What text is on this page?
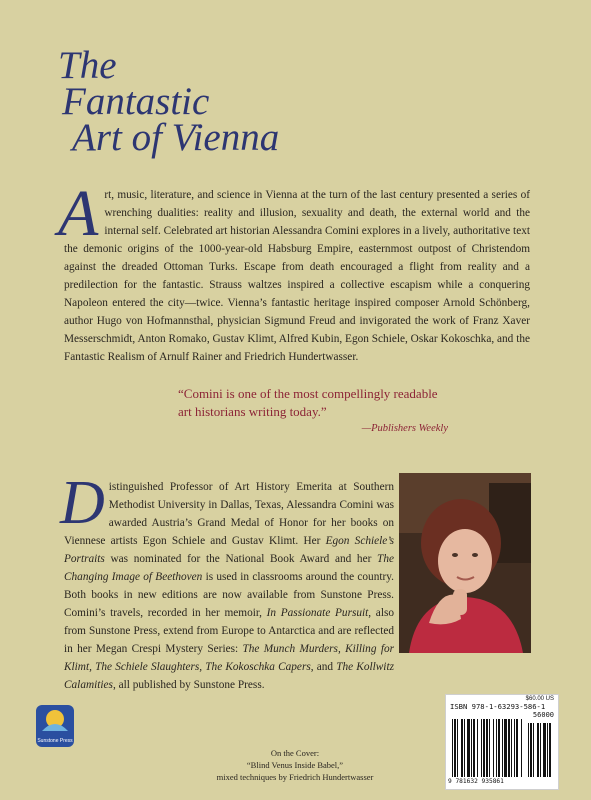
The
Fantastic
Art of Vienna

Art, music, literature, and science in Vienna at the turn of the last century presented a series of wrenching dualities: reality and illusion, sexuality and death, the external world and the internal self. Celebrated art historian Alessandra Comini explores in a lively, authoritative text the demonic origins of the 1000-year-old Habsburg Empire, easternmost outpost of Christendom against the dreaded Ottoman Turks. Escape from death encouraged a flight from reality and a predilection for the fantastic. Strauss waltzes inspired a collective escapism while a conquering Napoleon entered the city—twice. Vienna’s fantastic heritage inspired composer Arnold Schönberg, author Hugo von Hofmannsthal, physician Sigmund Freud and invigorated the work of Franz Xaver Messerschmidt, Anton Romako, Gustav Klimt, Alfred Kubin, Egon Schiele, Oskar Kokoschka, and the Fantastic Realism of Arnulf Rainer and Friedrich Hundertwasser.

“Comini is one of the most compellingly readable art historians writing today.”

—Publishers Weekly

Distinguished Professor of Art History Emerita at Southern Methodist University in Dallas, Texas, Alessandra Comini was awarded Austria’s Grand Medal of Honor for her books on Viennese artists Egon Schiele and Gustav Klimt. Her Egon Schiele’s Portraits was nominated for the National Book Award and her The Changing Image of Beethoven is used in classrooms around the country. Both books in new editions are now available from Sunstone Press. Comini’s travels, recorded in her memoir, In Passionate Pursuit, also from Sunstone Press, extend from Europe to Antarctica and are reflected in her Megan Crespi Mystery Series: The Munch Murders, Killing for Klimt, The Schiele Slaughters, The Kokoschka Capers, and The Kollwitz Calamities, all published by Sunstone Press.

Sunstone Press

On the Cover:

“Blind Venus Inside Babel,”

mixed techniques by Friedrich Hundertwasser

$60.00 US
ISBN 978-1-63293-586-1
56000
9 781632 935861
